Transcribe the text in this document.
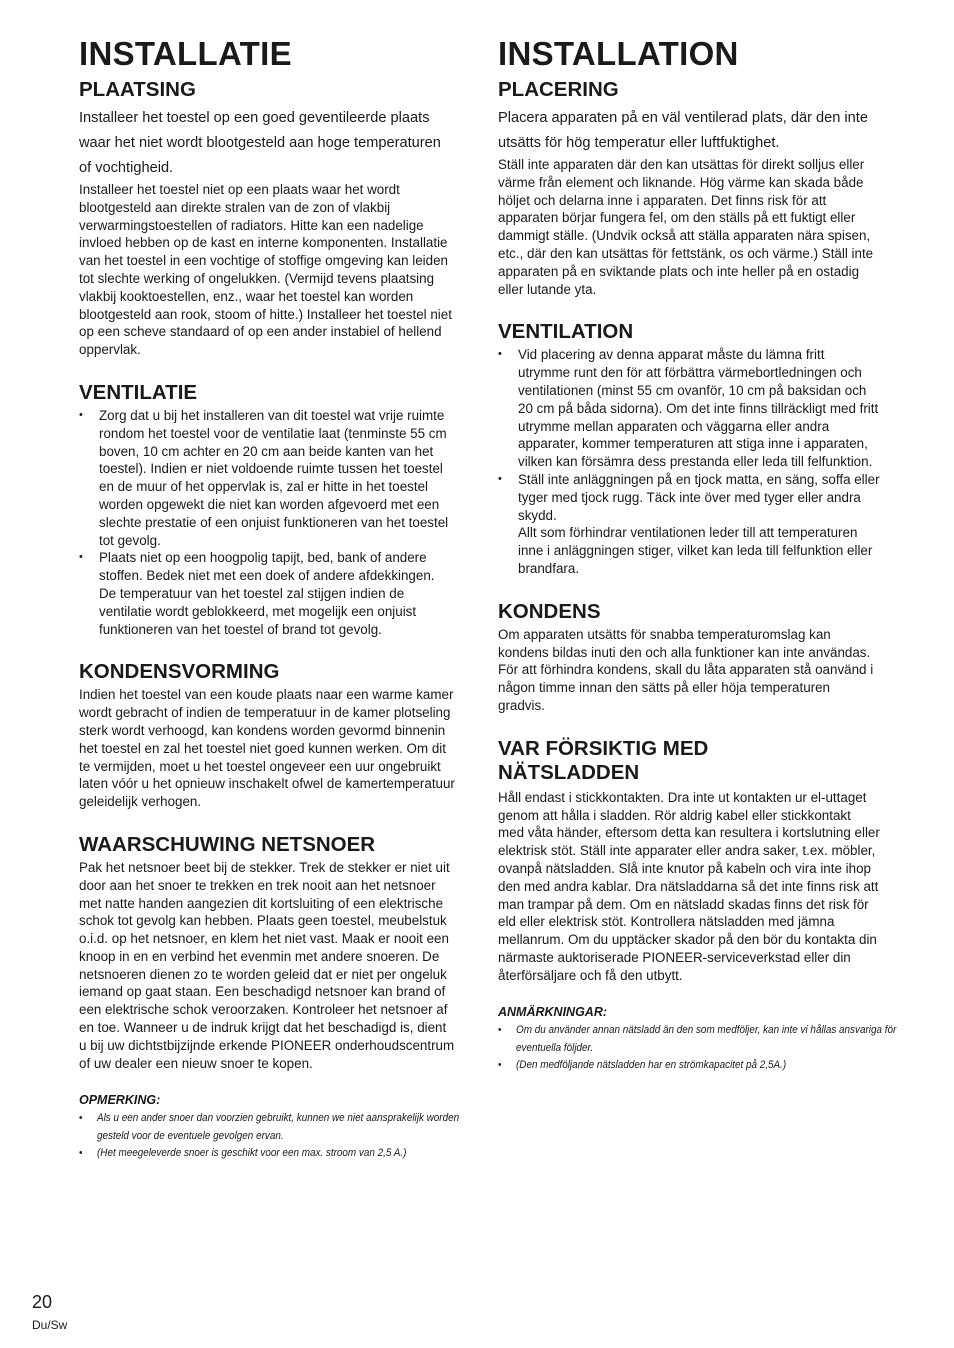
INSTALLATIE
PLAATSING

Installeer het toestel op een goed geventileerde plaats waar het niet wordt blootgesteld aan hoge temperaturen of vochtigheid.

Installeer het toestel niet op een plaats waar het wordt blootgesteld aan direkte stralen van de zon of vlakbij verwarmingstoestellen of radiators. Hitte kan een nadelige invloed hebben op de kast en interne komponenten. Installatie van het toestel in een vochtige of stoffige omgeving kan leiden tot slechte werking of ongelukken. (Vermijd tevens plaatsing vlakbij kooktoestellen, enz., waar het toestel kan worden blootgesteld aan rook, stoom of hitte.) Installeer het toestel niet op een scheve standaard of op een ander instabiel of hellend oppervlak.

VENTILATIE
• Zorg dat u bij het installeren van dit toestel wat vrije ruimte rondom het toestel voor de ventilatie laat (tenminste 55 cm boven, 10 cm achter en 20 cm aan beide kanten van het toestel). Indien er niet voldoende ruimte tussen het toestel en de muur of het oppervlak is, zal er hitte in het toestel worden opgewekt die niet kan worden afgevoerd met een slechte prestatie of een onjuist funktioneren van het toestel tot gevolg.
• Plaats niet op een hoogpolig tapijt, bed, bank of andere stoffen. Bedek niet met een doek of andere afdekkingen.
De temperatuur van het toestel zal stijgen indien de ventilatie wordt geblokkeerd, met mogelijk een onjuist funktioneren van het toestel of brand tot gevolg.
KONDENSVORMING

Indien het toestel van een koude plaats naar een warme kamer wordt gebracht of indien de temperatuur in de kamer plotseling sterk wordt verhoogd, kan kondens worden gevormd binnenin het toestel en zal het toestel niet goed kunnen werken. Om dit te vermijden, moet u het toestel ongeveer een uur ongebruikt laten vóór u het opnieuw inschakelt ofwel de kamertemperatuur geleidelijk verhogen.

WAARSCHUWING NETSNOER

Pak het netsnoer beet bij de stekker. Trek de stekker er niet uit door aan het snoer te trekken en trek nooit aan het netsnoer met natte handen aangezien dit kortsluiting of een elektrische schok tot gevolg kan hebben. Plaats geen toestel, meubelstuk o.i.d. op het netsnoer, en klem het niet vast. Maak er nooit een knoop in en en verbind het evenmin met andere snoeren. De netsnoeren dienen zo te worden geleid dat er niet per ongeluk iemand op gaat staan. Een beschadigd netsnoer kan brand of een elektrische schok veroorzaken. Kontroleer het netsnoer af en toe. Wanneer u de indruk krijgt dat het beschadigd is, dient u bij uw dichtstbijzijnde erkende PIONEER onderhoudscentrum of uw dealer een nieuw snoer te kopen.

OPMERKING:

• Als u een ander snoer dan voorzien gebruikt, kunnen we niet aansprakelijk worden gesteld voor de eventuele gevolgen ervan.
• (Het meegeleverde snoer is geschikt voor een max. stroom van 2,5 A.)
INSTALLATION
PLACERING

Placera apparaten på en väl ventilerad plats, där den inte utsätts för hög temperatur eller luftfuktighet.

Ställ inte apparaten där den kan utsättas för direkt solljus eller värme från element och liknande. Hög värme kan skada både höljet och delarna inne i apparaten. Det finns risk för att apparaten börjar fungera fel, om den ställs på ett fuktigt eller dammigt ställe. (Undvik också att ställa apparaten nära spisen, etc., där den kan utsättas för fettstänk, os och värme.) Ställ inte apparaten på en sviktande plats och inte heller på en ostadig eller lutande yta.

VENTILATION
• Vid placering av denna apparat måste du lämna fritt utrymme runt den för att förbättra värmebortledningen och ventilationen (minst 55 cm ovanför, 10 cm på baksidan och 20 cm på båda sidorna). Om det inte finns tillräckligt med fritt utrymme mellan apparaten och väggarna eller andra apparater, kommer temperaturen att stiga inne i apparaten, vilken kan försämra dess prestanda eller leda till felfunktion.
• Ställ inte anläggningen på en tjock matta, en säng, soffa eller tyger med tjock rugg. Täck inte över med tyger eller andra skydd.
Allt som förhindrar ventilationen leder till att temperaturen inne i anläggningen stiger, vilket kan leda till felfunktion eller brandfara.
KONDENS

Om apparaten utsätts för snabba temperaturomslag kan kondens bildas inuti den och alla funktioner kan inte användas. För att förhindra kondens, skall du låta apparaten stå oanvänd i någon timme innan den sätts på eller höja temperaturen gradvis.

VAR FÖRSIKTIG MED NÄTSLADDEN

Håll endast i stickkontakten. Dra inte ut kontakten ur el-uttaget genom att hålla i sladden. Rör aldrig kabel eller stickkontakt med våta händer, eftersom detta kan resultera i kortslutning eller elektrisk stöt. Ställ inte apparater eller andra saker, t.ex. möbler, ovanpå nätsladden. Slå inte knutor på kabeln och vira inte ihop den med andra kablar. Dra nätsladdarna så det inte finns risk att man trampar på dem. Om en nätsladd skadas finns det risk för eld eller elektrisk stöt. Kontrollera nätsladden med jämna mellanrum. Om du upptäcker skador på den bör du kontakta din närmaste auktoriserade PIONEER-serviceverkstad eller din återförsäljare och få den utbytt.

ANMÄRKNINGAR:

• Om du använder annan nätsladd än den som medföljer, kan inte vi hållas ansvariga för eventuella följder.
• (Den medföljande nätsladden har en strömkapacitet på 2,5A.)
20
Du/Sw
